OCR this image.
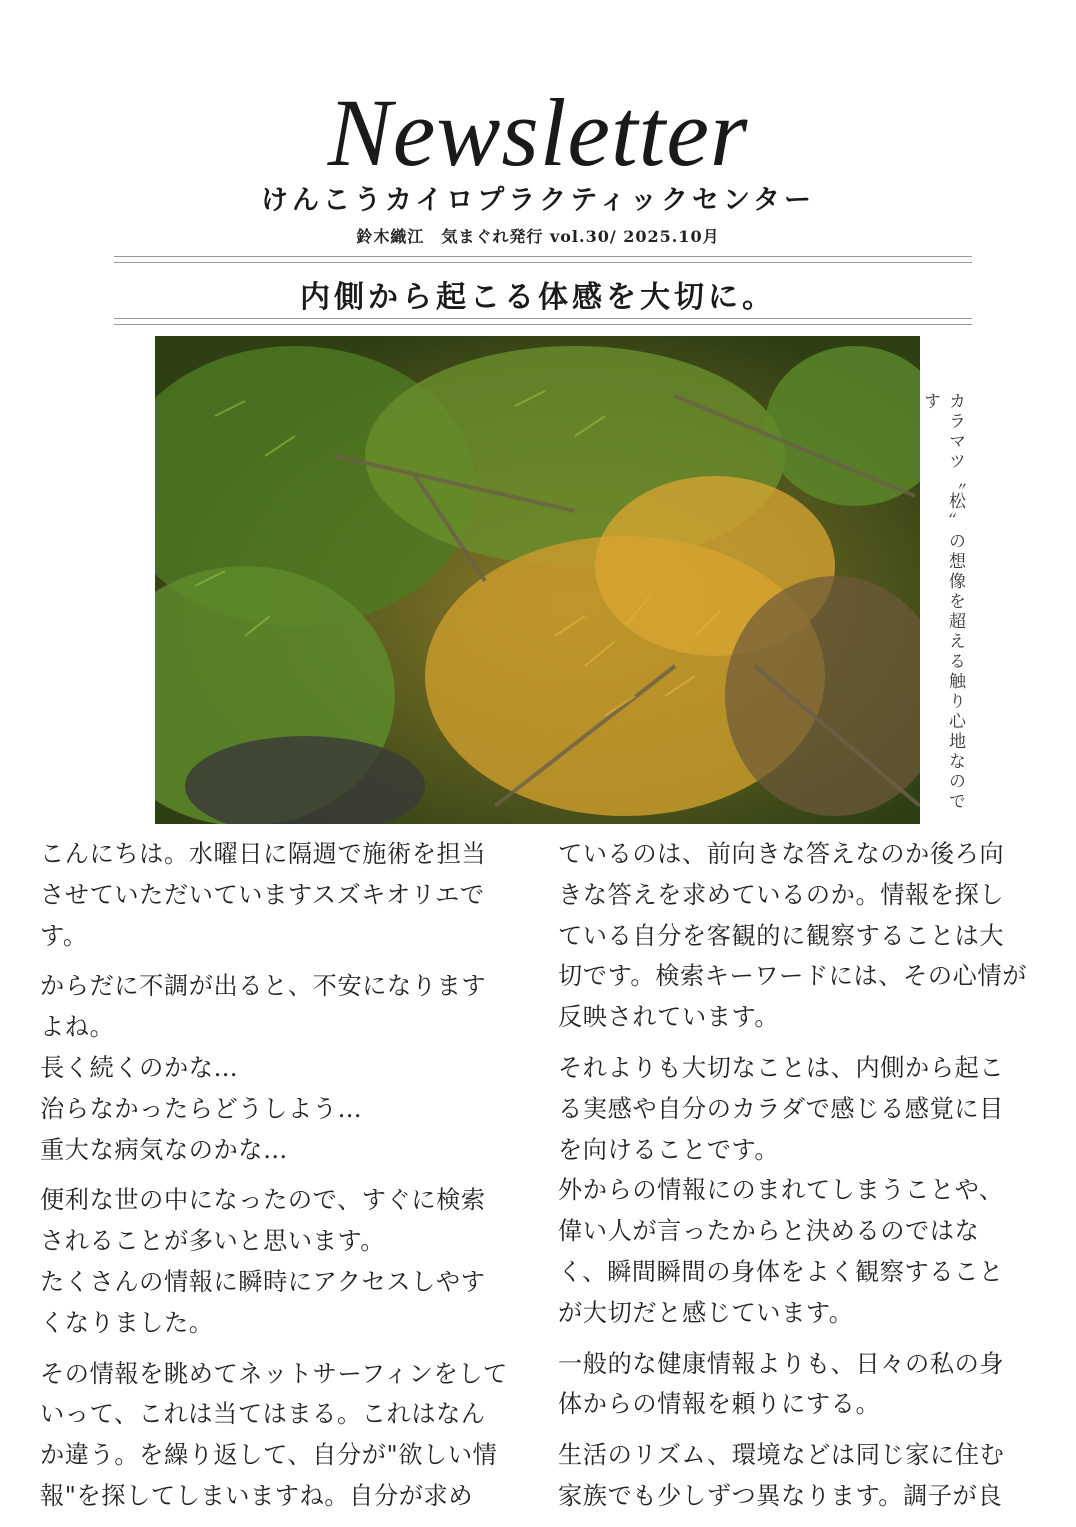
Newsletter
けんこうカイロプラクティックセンター
鈴木織江　気まぐれ発行 vol.30/ 2025.10月
内側から起こる体感を大切に。
カラマツ〝松〟の想像を超える触り心地なのです

こんにちは。水曜日に隔週で施術を担当させていただいていますスズキオリエです。

からだに不調が出ると、不安になりますよね。
長く続くのかな…
治らなかったらどうしよう…
重大な病気なのかな…

便利な世の中になったので、すぐに検索されることが多いと思います。
たくさんの情報に瞬時にアクセスしやすくなりました。

その情報を眺めてネットサーフィンをしていって、これは当てはまる。これはなんか違う。を繰り返して、自分が"欲しい情報"を探してしまいますね。自分が求め

ているのは、前向きな答えなのか後ろ向きな答えを求めているのか。情報を探している自分を客観的に観察することは大切です。検索キーワードには、その心情が反映されています。

それよりも大切なことは、内側から起こる実感や自分のカラダで感じる感覚に目を向けることです。
外からの情報にのまれてしまうことや、偉い人が言ったからと決めるのではなく、瞬間瞬間の身体をよく観察することが大切だと感じています。

一般的な健康情報よりも、日々の私の身体からの情報を頼りにする。

生活のリズム、環境などは同じ家に住む家族でも少しずつ異なります。調子が良
